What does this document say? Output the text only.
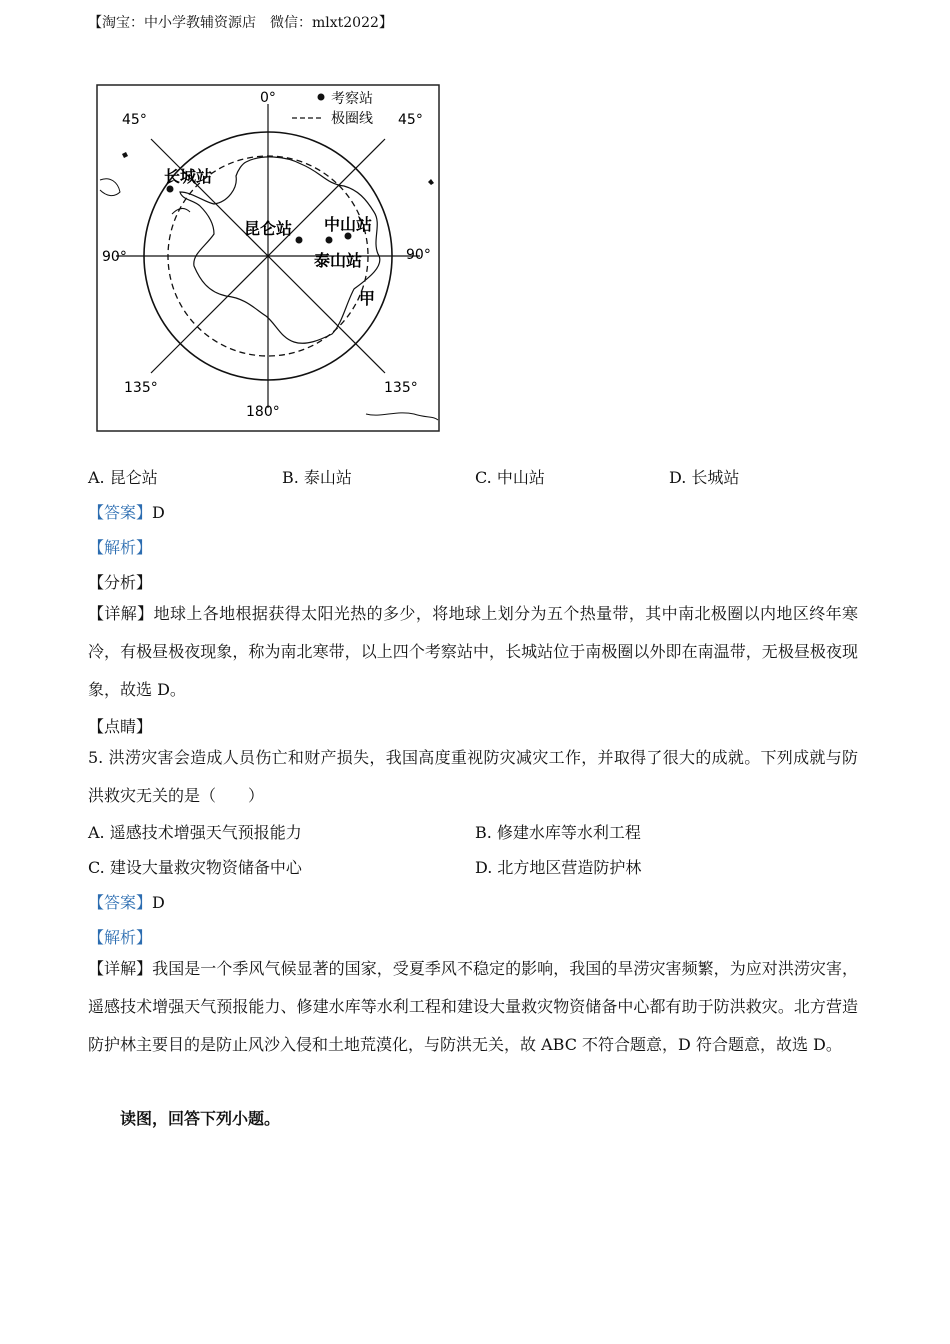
【淘宝：中小学教辅资源店　微信：mlxt2022】
考察站
极圈线
0°
45°	45°
90°	90°
135°	135°
180°
长城站
昆仑站 中山站
泰山站
甲
A. 昆仑站	B. 泰山站	C. 中山站	D. 长城站
【答案】D
【解析】
【分析】
【详解】地球上各地根据获得太阳光热的多少，将地球上划分为五个热量带，其中南北极圈以内地区终年寒冷，有极昼极夜现象，称为南北寒带，以上四个考察站中，长城站位于南极圈以外即在南温带，无极昼极夜现象，故选 D。
【点睛】
5. 洪涝灾害会造成人员伤亡和财产损失，我国高度重视防灾减灾工作，并取得了很大的成就。下列成就与防洪救灾无关的是（　　）
A. 遥感技术增强天气预报能力	B. 修建水库等水利工程
C. 建设大量救灾物资储备中心	D. 北方地区营造防护林
【答案】D
【解析】
【详解】我国是一个季风气候显著的国家，受夏季风不稳定的影响，我国的旱涝灾害频繁，为应对洪涝灾害，遥感技术增强天气预报能力、修建水库等水利工程和建设大量救灾物资储备中心都有助于防洪救灾。北方营造防护林主要目的是防止风沙入侵和土地荒漠化，与防洪无关，故 ABC 不符合题意，D 符合题意，故选 D。
读图，回答下列小题。
